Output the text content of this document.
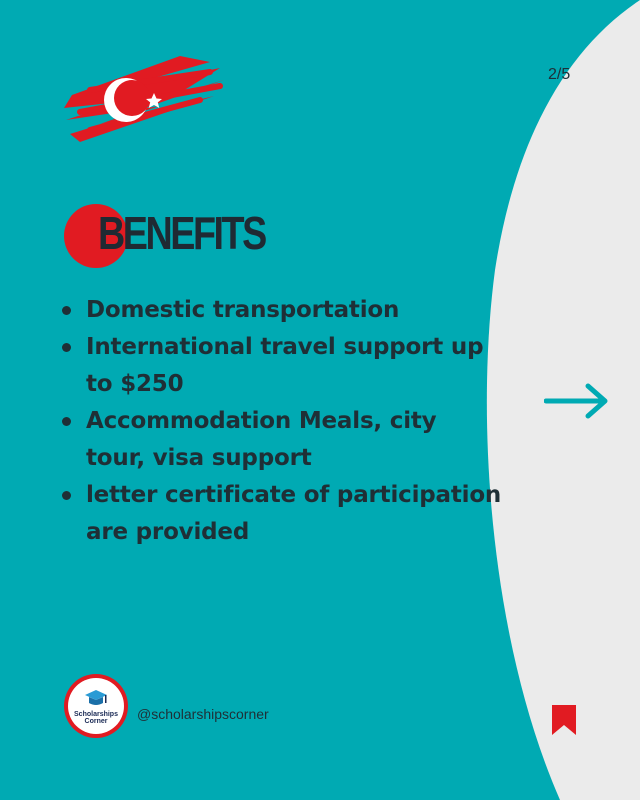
2/5
BENEFITS
Domestic transportation
International travel support up
to $250
Accommodation Meals, city
tour, visa support
letter certificate of participation
are provided
Scholarships
Corner	@scholarshipscorner
